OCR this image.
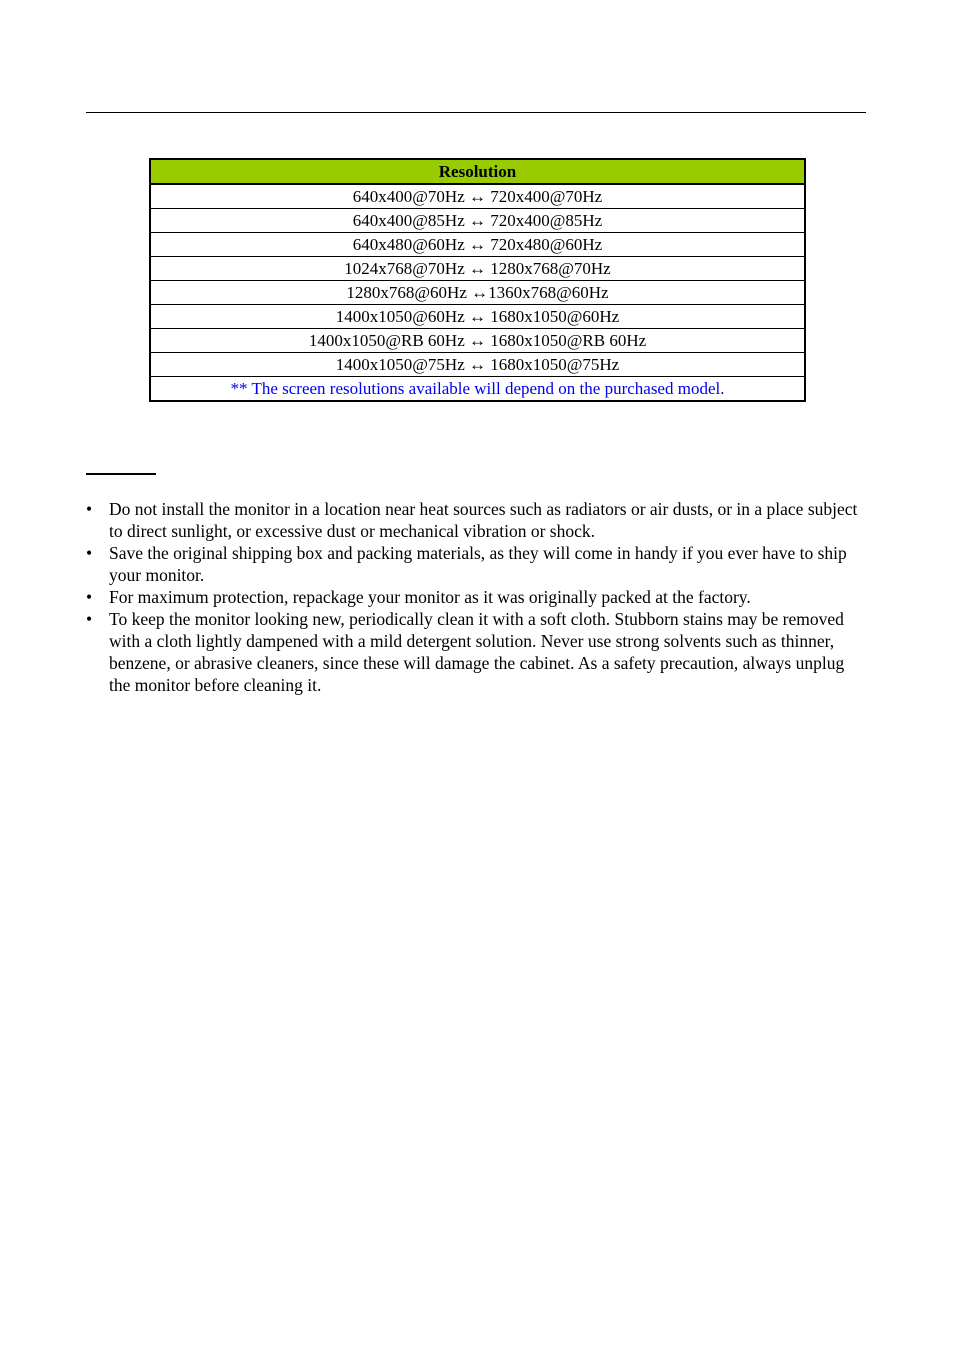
Resolution
640x400@70Hz ↔ 720x400@70Hz
640x400@85Hz ↔ 720x400@85Hz
640x480@60Hz ↔ 720x480@60Hz
1024x768@70Hz ↔ 1280x768@70Hz
1280x768@60Hz ↔1360x768@60Hz
1400x1050@60Hz ↔ 1680x1050@60Hz
1400x1050@RB 60Hz ↔ 1680x1050@RB 60Hz
1400x1050@75Hz ↔ 1680x1050@75Hz
** The screen resolutions available will depend on the purchased model.
• Do not install the monitor in a location near heat sources such as radiators or air dusts, or in a place subject to direct sunlight, or excessive dust or mechanical vibration or shock.
• Save the original shipping box and packing materials, as they will come in handy if you ever have to ship your monitor.
• For maximum protection, repackage your monitor as it was originally packed at the factory.
• To keep the monitor looking new, periodically clean it with a soft cloth. Stubborn stains may be removed with a cloth lightly dampened with a mild detergent solution. Never use strong solvents such as thinner, benzene, or abrasive cleaners, since these will damage the cabinet. As a safety precaution, always unplug the monitor before cleaning it.
